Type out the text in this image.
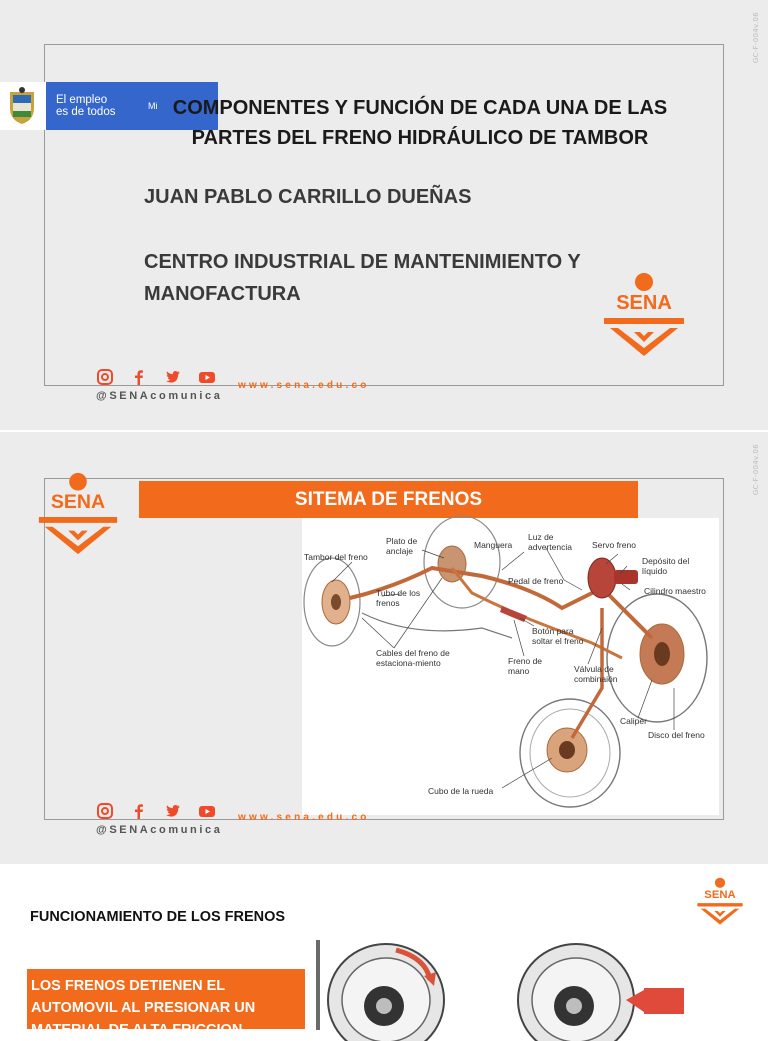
GC-F-004v.06
El empleo
es de todos	Mi COMPONENTES Y FUNCIÓN DE CADA UNA DE LAS PARTES DEL FRENO HIDRÁULICO DE TAMBOR
JUAN PABLO CARRILLO DUEÑAS
CENTRO INDUSTRIAL DE MANTENIMIENTO Y MANOFACTURA	SENA
@SENAcomunica
www.sena.edu.co
GC-F-004v.06
SENA	SITEMA DE FRENOS
Tambor del freno
Plato de anclaje
Manguera
Luz de advertencia	Servo freno
Depósito del líquido
Cilindro maestro
Pedal de freno
Tubo de los frenos
Botón para soltar el freno
Cables del freno de estaciona-miento	Freno de mano	Válvula de combinaión
Caliper
Disco del freno
Cubo de la rueda
@SENAcomunica
www.sena.edu.co
SENA
FUNCIONAMIENTO DE LOS FRENOS
LOS FRENOS DETIENEN EL AUTOMOVIL AL PRESIONAR UN MATERIAL DE ALTA FRICCION
